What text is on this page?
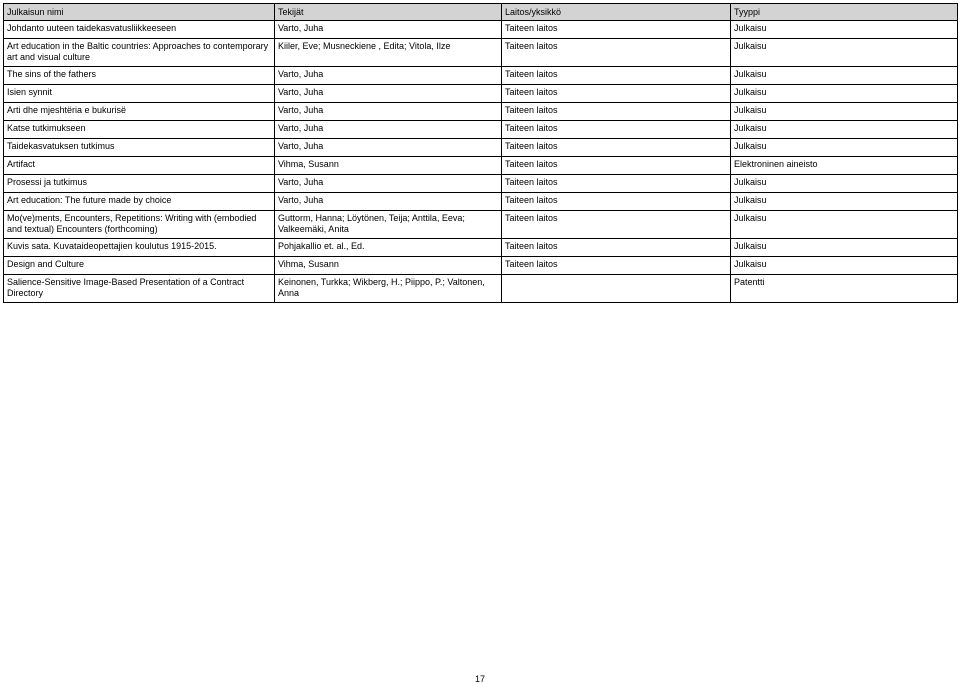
Julkaisun nimi	Tekijät	Laitos/yksikkö	Tyyppi
Johdanto uuteen taidekasvatusliikkeeseen	Varto, Juha	Taiteen laitos	Julkaisu
Art education in the Baltic countries: Approaches to contemporary art and visual culture	Kiiler, Eve; Musneckiene , Edita; Vitola, Ilze	Taiteen laitos	Julkaisu
The sins of the fathers	Varto, Juha	Taiteen laitos	Julkaisu
Isien synnit	Varto, Juha	Taiteen laitos	Julkaisu
Arti dhe mjeshtëria e bukurisë	Varto, Juha	Taiteen laitos	Julkaisu
Katse tutkimukseen	Varto, Juha	Taiteen laitos	Julkaisu
Taidekasvatuksen tutkimus	Varto, Juha	Taiteen laitos	Julkaisu
Artifact	Vihma, Susann	Taiteen laitos	Elektroninen aineisto
Prosessi ja tutkimus	Varto, Juha	Taiteen laitos	Julkaisu
Art education: The future made by choice	Varto, Juha	Taiteen laitos	Julkaisu
Mo(ve)ments, Encounters, Repetitions: Writing with (embodied and textual) Encounters (forthcoming)	Guttorm, Hanna; Löytönen, Teija; Anttila, Eeva; Valkeemäki, Anita	Taiteen laitos	Julkaisu
Kuvis sata. Kuvataideopettajien koulutus 1915-2015.	Pohjakallio et. al., Ed.	Taiteen laitos	Julkaisu
Design and Culture	Vihma, Susann	Taiteen laitos	Julkaisu
Salience-Sensitive Image-Based Presentation of a Contract Directory	Keinonen, Turkka; Wikberg, H.; Piippo, P.; Valtonen, Anna		Patentti
17
